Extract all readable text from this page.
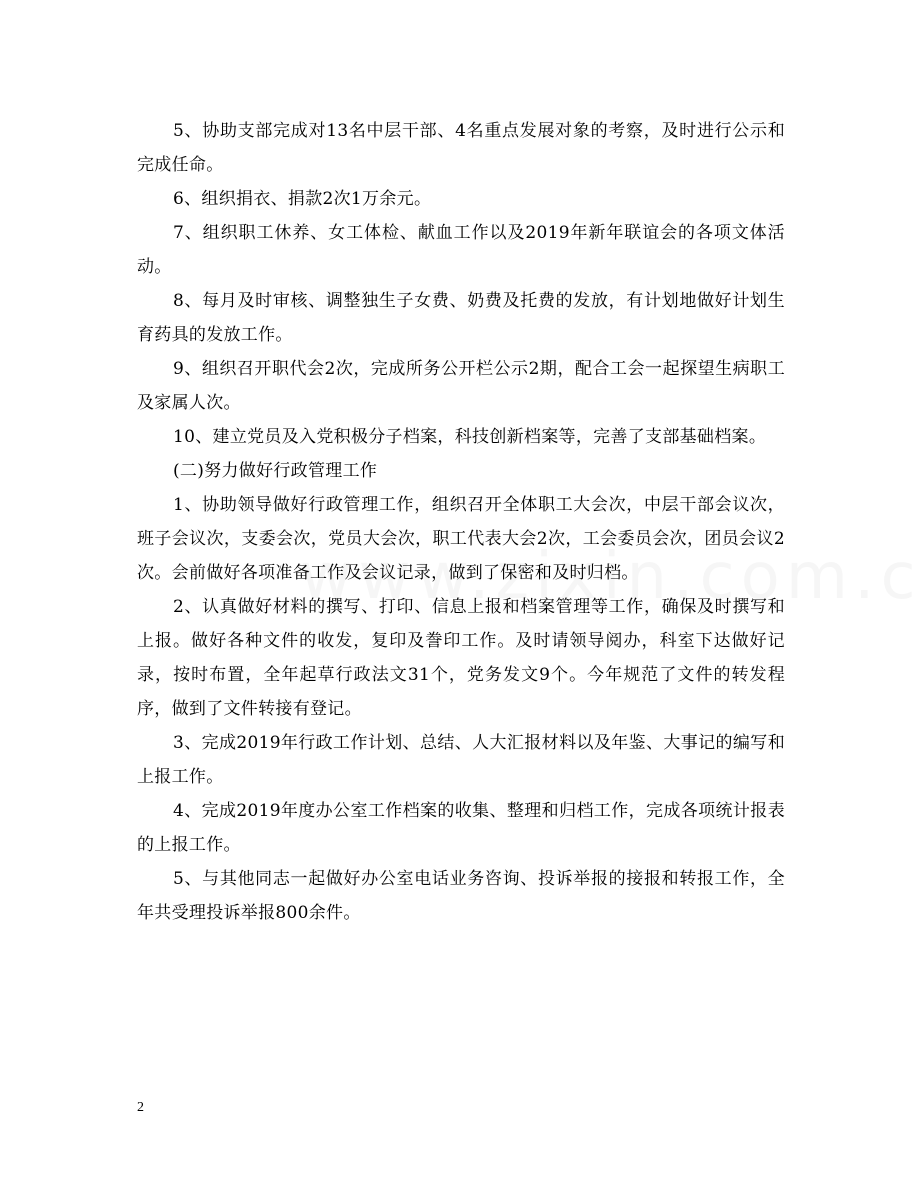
5、协助支部完成对13名中层干部、4名重点发展对象的考察，及时进行公示和完成任命。

6、组织捐衣、捐款2次1万余元。

7、组织职工休养、女工体检、献血工作以及2019年新年联谊会的各项文体活动。

8、每月及时审核、调整独生子女费、奶费及托费的发放，有计划地做好计划生育药具的发放工作。

9、组织召开职代会2次，完成所务公开栏公示2期，配合工会一起探望生病职工及家属人次。

10、建立党员及入党积极分子档案，科技创新档案等，完善了支部基础档案。

(二)努力做好行政管理工作

1、协助领导做好行政管理工作，组织召开全体职工大会次，中层干部会议次，班子会议次，支委会次，党员大会次，职工代表大会2次，工会委员会次，团员会议2次。会前做好各项准备工作及会议记录，做到了保密和及时归档。

2、认真做好材料的撰写、打印、信息上报和档案管理等工作，确保及时撰写和上报。做好各种文件的收发，复印及誊印工作。及时请领导阅办，科室下达做好记录，按时布置，全年起草行政法文31个，党务发文9个。今年规范了文件的转发程序，做到了文件转接有登记。

3、完成2019年行政工作计划、总结、人大汇报材料以及年鉴、大事记的编写和上报工作。

4、完成2019年度办公室工作档案的收集、整理和归档工作，完成各项统计报表的上报工作。

5、与其他同志一起做好办公室电话业务咨询、投诉举报的接报和转报工作，全年共受理投诉举报800余件。

2
